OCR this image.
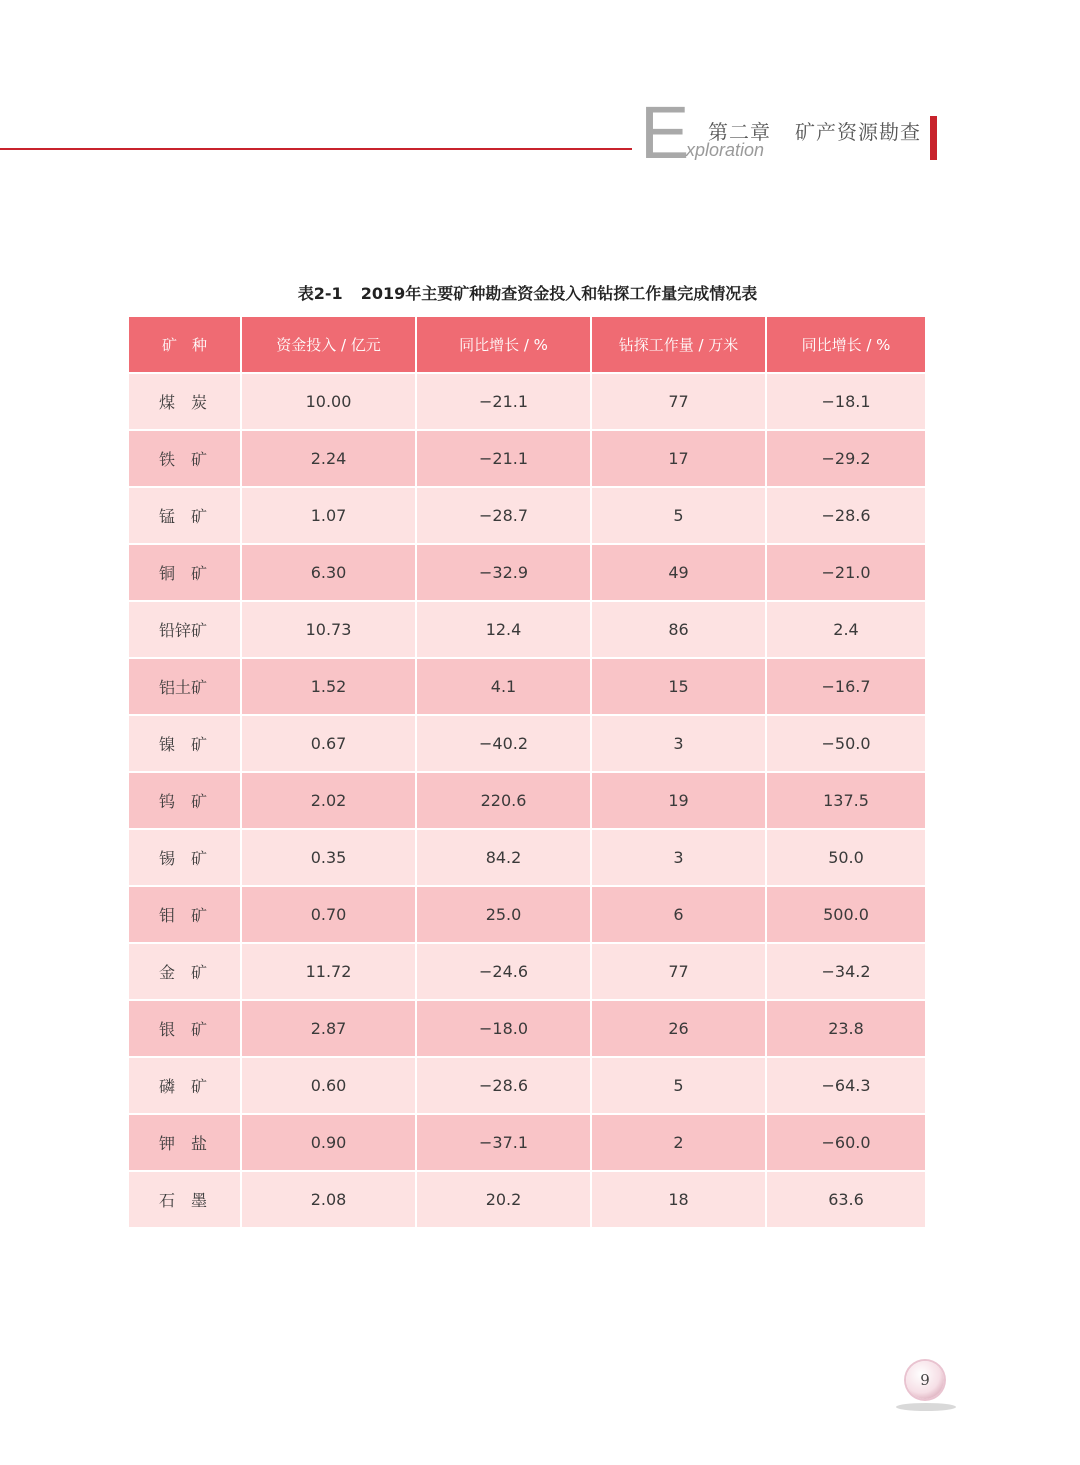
E
xploration
第二章 矿产资源勘查
表2-1 2019年主要矿种勘查资金投入和钻探工作量完成情况表
矿　种	资金投入 / 亿元	同比增长 / %	钻探工作量 / 万米	同比增长 / %
煤　炭	10.00	−21.1	77	−18.1
铁　矿	2.24	−21.1	17	−29.2
锰　矿	1.07	−28.7	5	−28.6
铜　矿	6.30	−32.9	49	−21.0
铅锌矿	10.73	12.4	86	2.4
铝土矿	1.52	4.1	15	−16.7
镍　矿	0.67	−40.2	3	−50.0
钨　矿	2.02	220.6	19	137.5
锡　矿	0.35	84.2	3	50.0
钼　矿	0.70	25.0	6	500.0
金　矿	11.72	−24.6	77	−34.2
银　矿	2.87	−18.0	26	23.8
磷　矿	0.60	−28.6	5	−64.3
钾　盐	0.90	−37.1	2	−60.0
石　墨	2.08	20.2	18	63.6
9
